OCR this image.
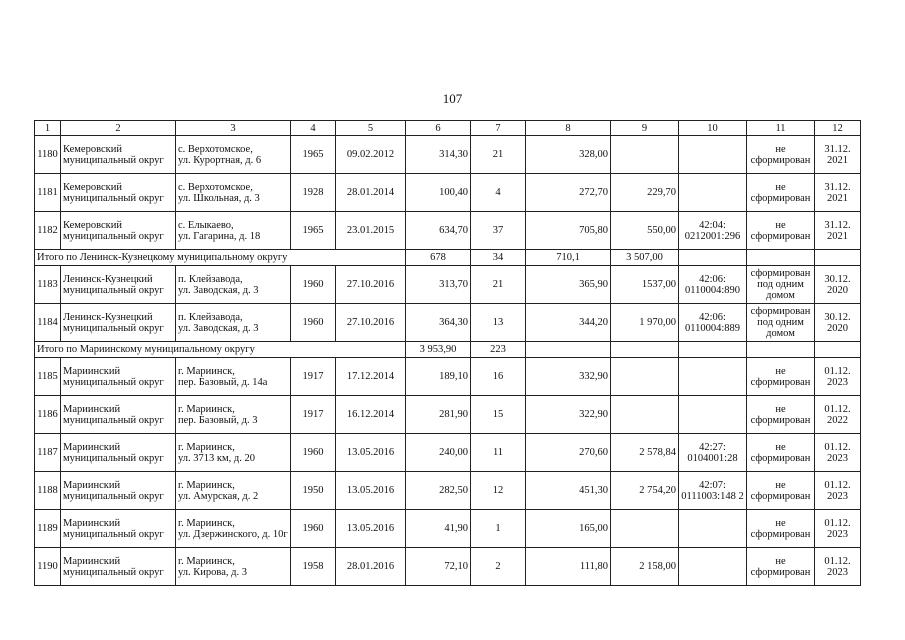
107
1	2	3	4	5	6	7	8	9	10	11	12
1180	Кемеровский муниципальный округ	с. Верхотомское,
ул. Курортная, д. 6	1965	09.02.2012	314,30	21	328,00			не сформирован	31.12. 2021
1181	Кемеровский муниципальный округ	с. Верхотомское,
ул. Школьная, д. 3	1928	28.01.2014	100,40	4	272,70	229,70		не сформирован	31.12. 2021
1182	Кемеровский муниципальный округ	с. Елыкаево,
ул. Гагарина, д. 18	1965	23.01.2015	634,70	37	705,80	550,00	42:04: 0212001:296	не сформирован	31.12. 2021
Итого по Ленинск-Кузнецкому муниципальному округу					678	34	710,1	3 507,00			
1183	Ленинск-Кузнецкий муниципальный округ	п. Клейзавода,
ул. Заводская, д. 3	1960	27.10.2016	313,70	21	365,90	1537,00	42:06: 0110004:890	сформирован под одним домом	30.12. 2020
1184	Ленинск-Кузнецкий муниципальный округ	п. Клейзавода,
ул. Заводская, д. 3	1960	27.10.2016	364,30	13	344,20	1 970,00	42:06: 0110004:889	сформирован под одним домом	30.12. 2020
Итого по Мариинскому муниципальному округу					3 953,90	223					
1185	Мариинский муниципальный округ	г. Мариинск,
пер. Базовый, д. 14а	1917	17.12.2014	189,10	16	332,90			не сформирован	01.12. 2023
1186	Мариинский муниципальный округ	г. Мариинск,
пер. Базовый, д. 3	1917	16.12.2014	281,90	15	322,90			не сформирован	01.12. 2022
1187	Мариинский муниципальный округ	г. Мариинск,
ул. 3713 км, д. 20	1960	13.05.2016	240,00	11	270,60	2 578,84	42:27: 0104001:28	не сформирован	01.12. 2023
1188	Мариинский муниципальный округ	г. Мариинск,
ул. Амурская, д. 2	1950	13.05.2016	282,50	12	451,30	2 754,20	42:07: 0111003:148 2	не сформирован	01.12. 2023
1189	Мариинский муниципальный округ	г. Мариинск,
ул. Дзержинского, д. 10г	1960	13.05.2016	41,90	1	165,00			не сформирован	01.12. 2023
1190	Мариинский муниципальный округ	г. Мариинск,
ул. Кирова, д. 3	1958	28.01.2016	72,10	2	111,80	2 158,00		не сформирован	01.12. 2023
